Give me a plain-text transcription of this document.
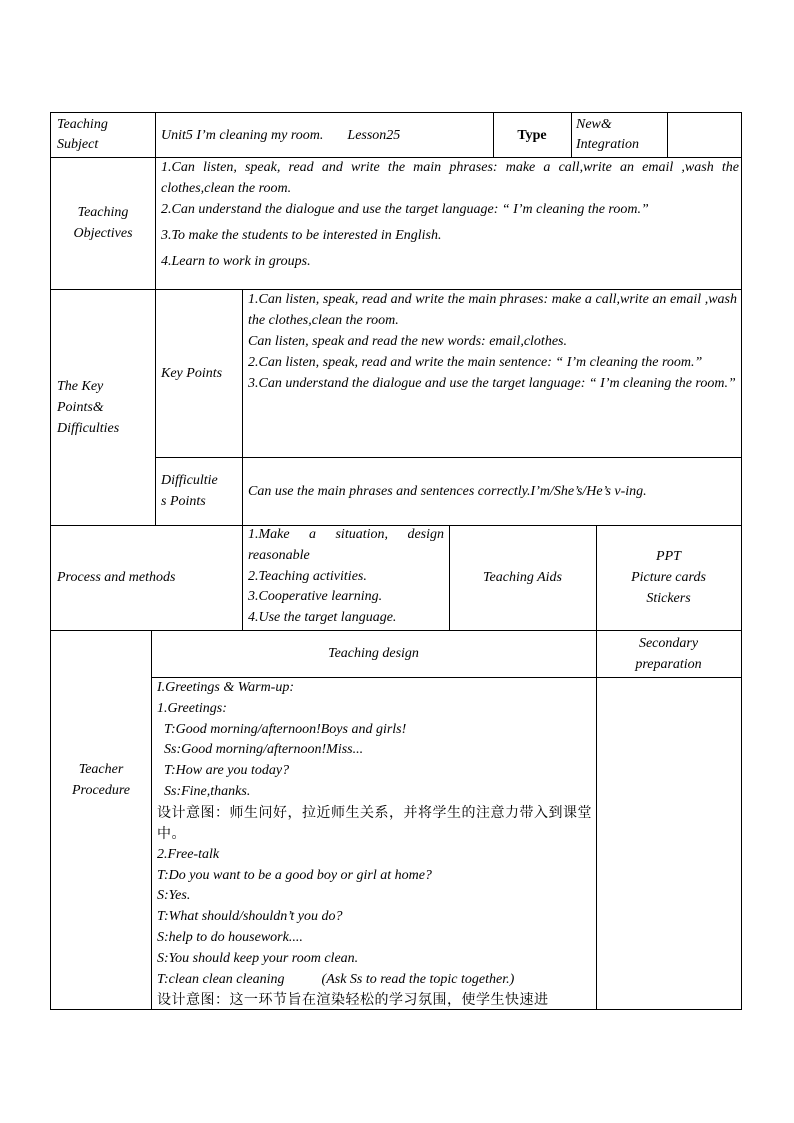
Teaching
Subject
Unit5 I’m cleaning my room. Lesson25	Type
New&
Integration
Teaching
Objectives
1.Can listen, speak, read and write the main phrases: make a call,write an email ,wash the clothes,clean the room.
2.Can understand the dialogue and use the target language: “ I’m cleaning the room.”
3.To make the students to be interested in English.
4.Learn to work in groups.
The Key
Points&
Difficulties
Key Points
1.Can listen, speak, read and write the main phrases: make a call,write an email ,wash the clothes,clean the room.
Can listen, speak and read the new words: email,clothes.
2.Can listen, speak, read and write the main sentence: “ I’m cleaning the room.”
3.Can understand the dialogue and use the target language: “ I’m cleaning the room.”
Difficultie
s Points
Can use the main phrases and sentences correctly.I’m/She’s/He’s v-ing.
Process and methods
1.Make a situation, design reasonable
2.Teaching activities.
3.Cooperative learning.
4.Use the target language.
Teaching Aids
PPT
Picture cards
Stickers
Teacher
Procedure
Teaching design
Secondary
preparation
I.Greetings & Warm-up:
1.Greetings:
T:Good morning/afternoon!Boys and girls!
Ss:Good morning/afternoon!Miss...
T:How are you today?
Ss:Fine,thanks.
设计意图：师生问好，拉近师生关系，并将学生的注意力带入到课堂中。
2.Free-talk
T:Do you want to be a good boy or girl at home?
S:Yes.
T:What should/shouldn’t you do?
S:help to do housework....
S:You should keep your room clean.
T:clean clean cleaning	(Ask Ss to read the topic together.)
设计意图：这一环节旨在渲染轻松的学习氛围，使学生快速进
